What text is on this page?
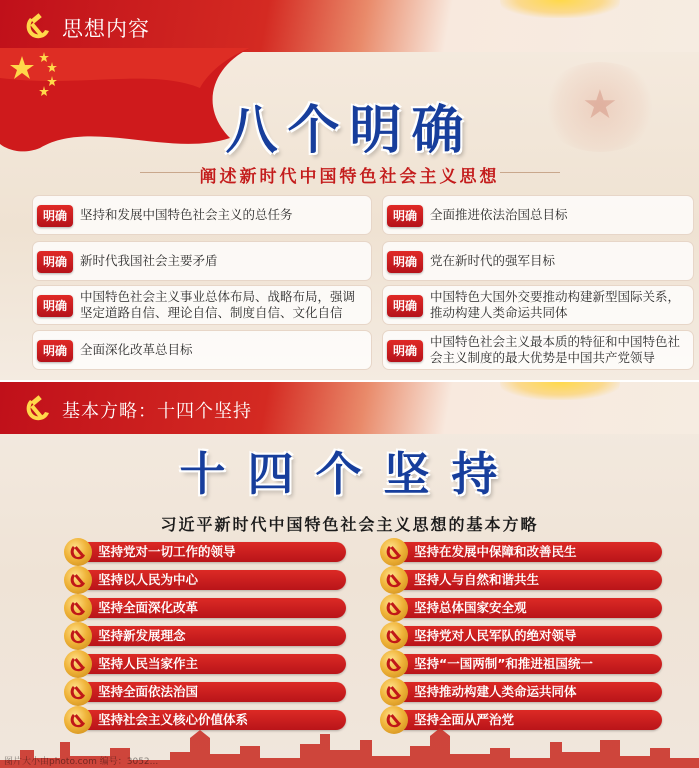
思想内容
★
八个明确
阐述新时代中国特色社会主义思想
明确	坚持和发展中国特色社会主义的总任务
明确	新时代我国社会主要矛盾
明确
中国特色社会主义事业总体布局、战略布局，强调坚定道路自信、理论自信、制度自信、文化自信
明确	全面深化改革总目标
明确	全面推进依法治国总目标
明确	党在新时代的强军目标
明确
中国特色大国外交要推动构建新型国际关系，推动构建人类命运共同体
明确
中国特色社会主义最本质的特征和中国特色社会主义制度的最大优势是中国共产党领导
基本方略：十四个坚持
十四个坚持
习近平新时代中国特色社会主义思想的基本方略
坚持党对一切工作的领导
坚持以人民为中心
坚持全面深化改革
坚持新发展理念
坚持人民当家作主
坚持全面依法治国
坚持社会主义核心价值体系
坚持在发展中保障和改善民生
坚持人与自然和谐共生
坚持总体国家安全观
坚持党对人民军队的绝对领导
坚持“一国两制”和推进祖国统一
坚持推动构建人类命运共同体
坚持全面从严治党
图片大小由photo.com 编号：3052...
